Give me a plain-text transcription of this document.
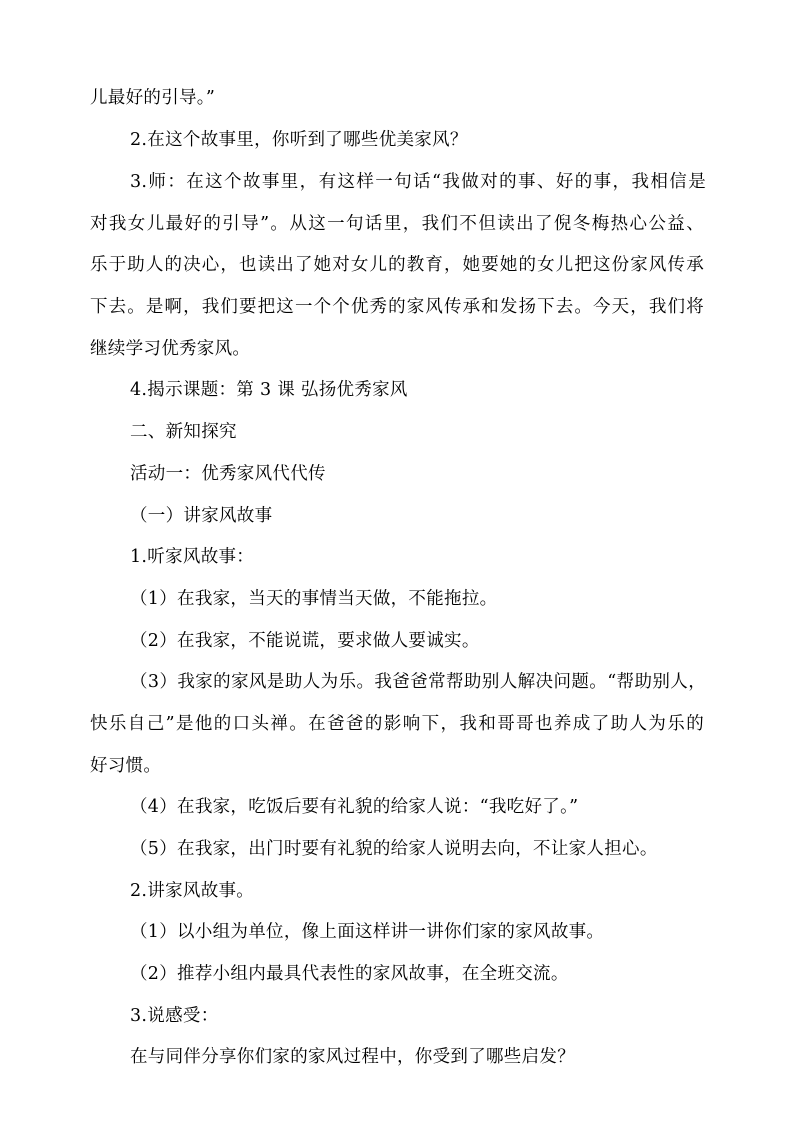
儿最好的引导。”
2.在这个故事里，你听到了哪些优美家风？
3.师：在这个故事里，有这样一句话“我做对的事、好的事，我相信是
对我女儿最好的引导”。从这一句话里，我们不但读出了倪冬梅热心公益、
乐于助人的决心，也读出了她对女儿的教育，她要她的女儿把这份家风传承
下去。是啊，我们要把这一个个优秀的家风传承和发扬下去。今天，我们将
继续学习优秀家风。
4.揭示课题：第 3 课 弘扬优秀家风
二、新知探究
活动一：优秀家风代代传
（一）讲家风故事
1.听家风故事：
（1）在我家，当天的事情当天做，不能拖拉。
（2）在我家，不能说谎，要求做人要诚实。
（3）我家的家风是助人为乐。我爸爸常帮助别人解决问题。“帮助别人，
快乐自己”是他的口头禅。在爸爸的影响下，我和哥哥也养成了助人为乐的
好习惯。
（4）在我家，吃饭后要有礼貌的给家人说：“我吃好了。”
（5）在我家，出门时要有礼貌的给家人说明去向，不让家人担心。
2.讲家风故事。
（1）以小组为单位，像上面这样讲一讲你们家的家风故事。
（2）推荐小组内最具代表性的家风故事，在全班交流。
3.说感受：
在与同伴分享你们家的家风过程中，你受到了哪些启发？
